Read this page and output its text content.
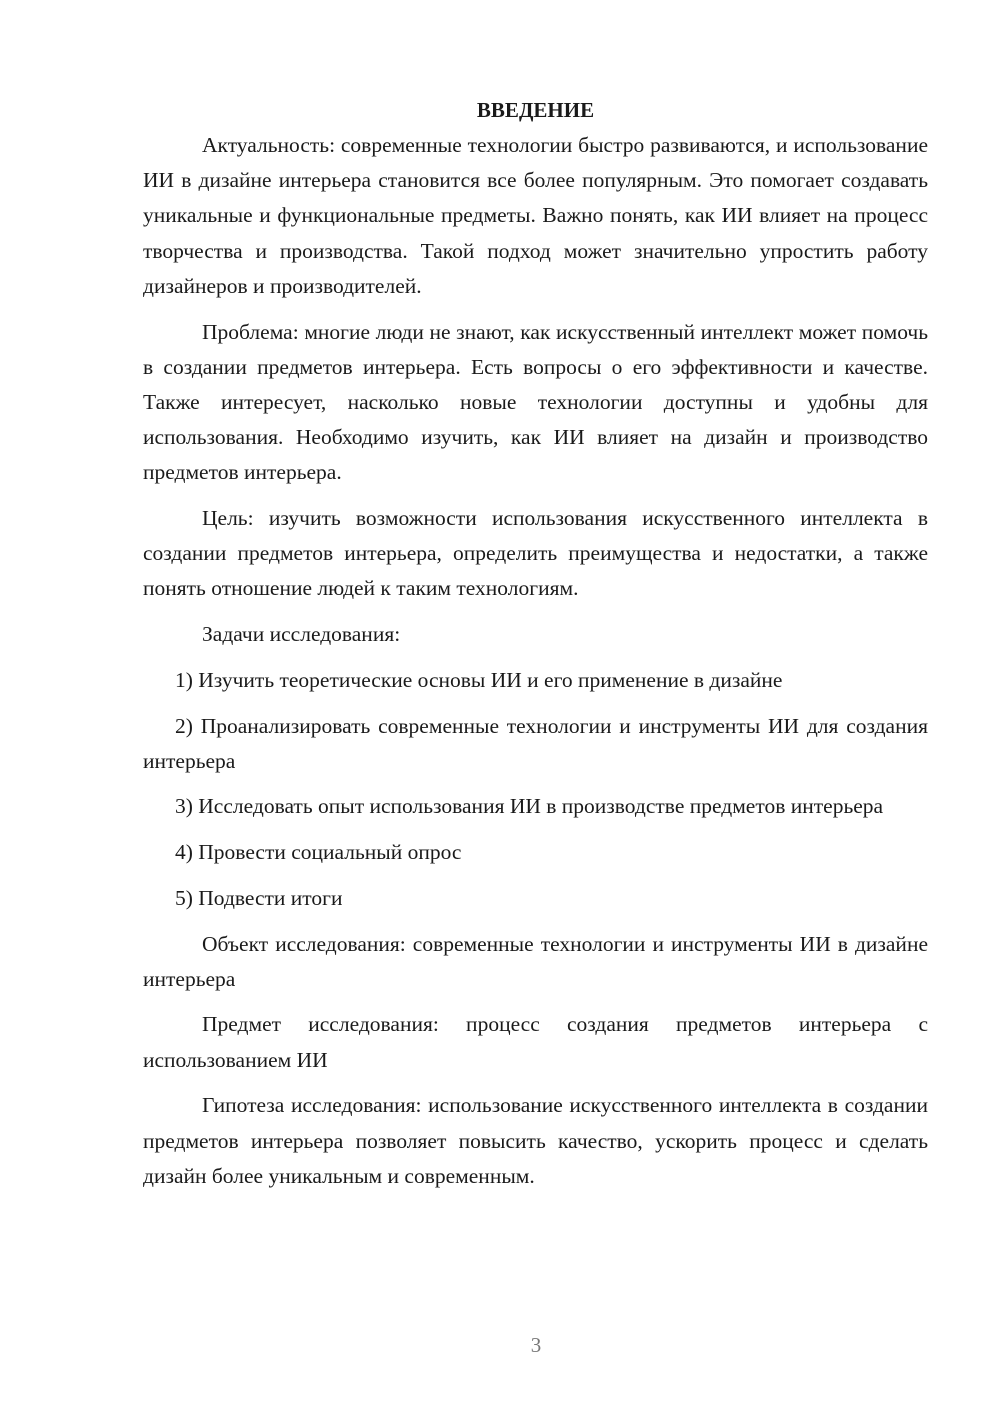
ВВЕДЕНИЕ

Актуальность: современные технологии быстро развиваются, и использование ИИ в дизайне интерьера становится все более популярным. Это помогает создавать уникальные и функциональные предметы. Важно понять, как ИИ влияет на процесс творчества и производства. Такой подход может значительно упростить работу дизайнеров и производителей.

Проблема: многие люди не знают, как искусственный интеллект может помочь в создании предметов интерьера. Есть вопросы о его эффективности и качестве. Также интересует, насколько новые технологии доступны и удобны для использования. Необходимо изучить, как ИИ влияет на дизайн и производство предметов интерьера.

Цель: изучить возможности использования искусственного интеллекта в создании предметов интерьера, определить преимущества и недостатки, а также понять отношение людей к таким технологиям.

Задачи исследования:

1) Изучить теоретические основы ИИ и его применение в дизайне

2) Проанализировать современные технологии и инструменты ИИ для создания интерьера

3) Исследовать опыт использования ИИ в производстве предметов интерьера

4) Провести социальный опрос

5) Подвести итоги

Объект исследования: современные технологии и инструменты ИИ в дизайне интерьера

Предмет исследования: процесс создания предметов интерьера с использованием ИИ

Гипотеза исследования: использование искусственного интеллекта в создании предметов интерьера позволяет повысить качество, ускорить процесс и сделать дизайн более уникальным и современным.

3
